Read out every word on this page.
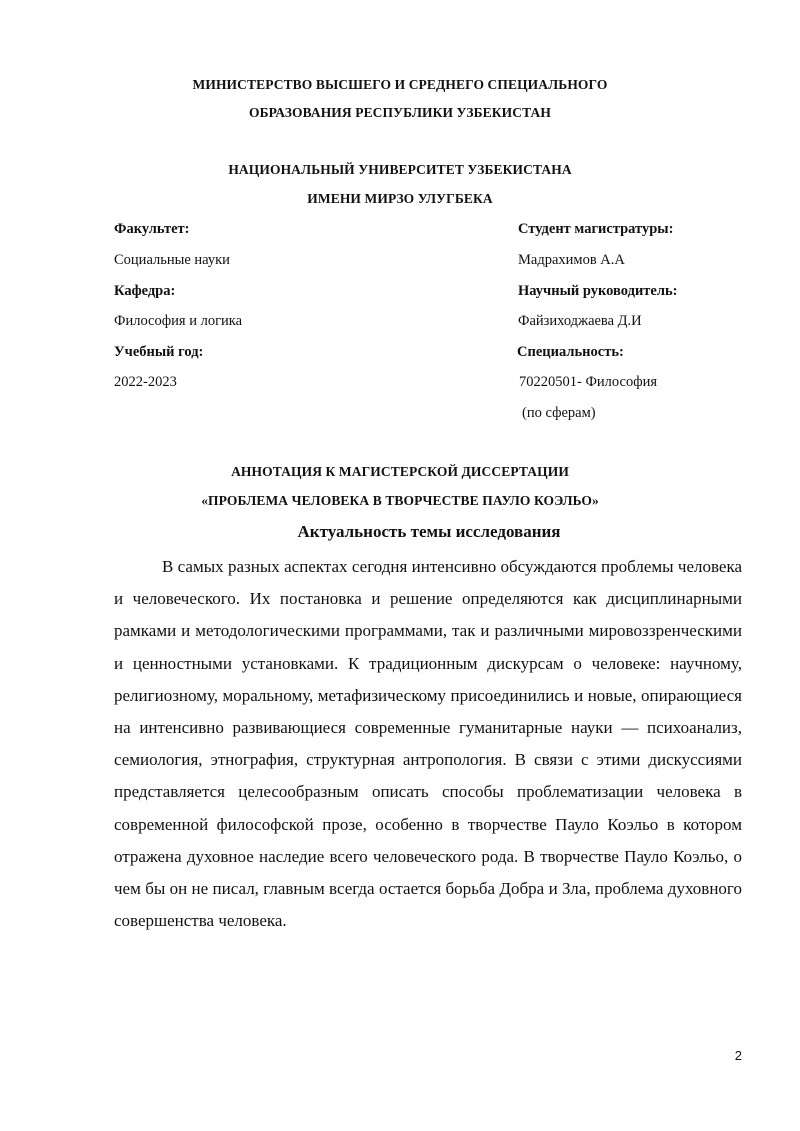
МИНИСТЕРСТВО ВЫСШЕГО И СРЕДНЕГО СПЕЦИАЛЬНОГО
ОБРАЗОВАНИЯ РЕСПУБЛИКИ УЗБЕКИСТАН
НАЦИОНАЛЬНЫЙ УНИВЕРСИТЕТ УЗБЕКИСТАНА
ИМЕНИ МИРЗО УЛУГБЕКА
Факультет:
Социальные науки
Кафедра:
Философия и логика
Учебный год:
2022-2023
Студент магистратуры:
Мадрахимов А.А
Научный руководитель:
Файзиходжаева Д.И
Специальность:
70220501- Философия
(по сферам)
АННОТАЦИЯ К МАГИСТЕРСКОЙ ДИССЕРТАЦИИ
«ПРОБЛЕМА ЧЕЛОВЕКА В ТВОРЧЕСТВЕ ПАУЛО КОЭЛЬО»
Актуальность темы исследования

В самых разных аспектах сегодня интенсивно обсуждаются проблемы человека и человеческого. Их постановка и решение определяются как дисциплинарными рамками и методологическими программами, так и различными мировоззренческими и ценностными установками. К традиционным дискурсам о человеке: научному, религиозному, моральному, метафизическому присоединились и новые, опирающиеся на интенсивно развивающиеся современные гуманитарные науки — психоанализ, семиология, этнография, структурная антропология. В связи с этими дискуссиями представляется целесообразным описать способы проблематизации человека в современной философской прозе, особенно в творчестве Пауло Коэльо в котором отражена духовное наследие всего человеческого рода. В творчестве Пауло Коэльо, о чем бы он не писал, главным всегда остается борьба Добра и Зла, проблема духовного совершенства человека.

2
